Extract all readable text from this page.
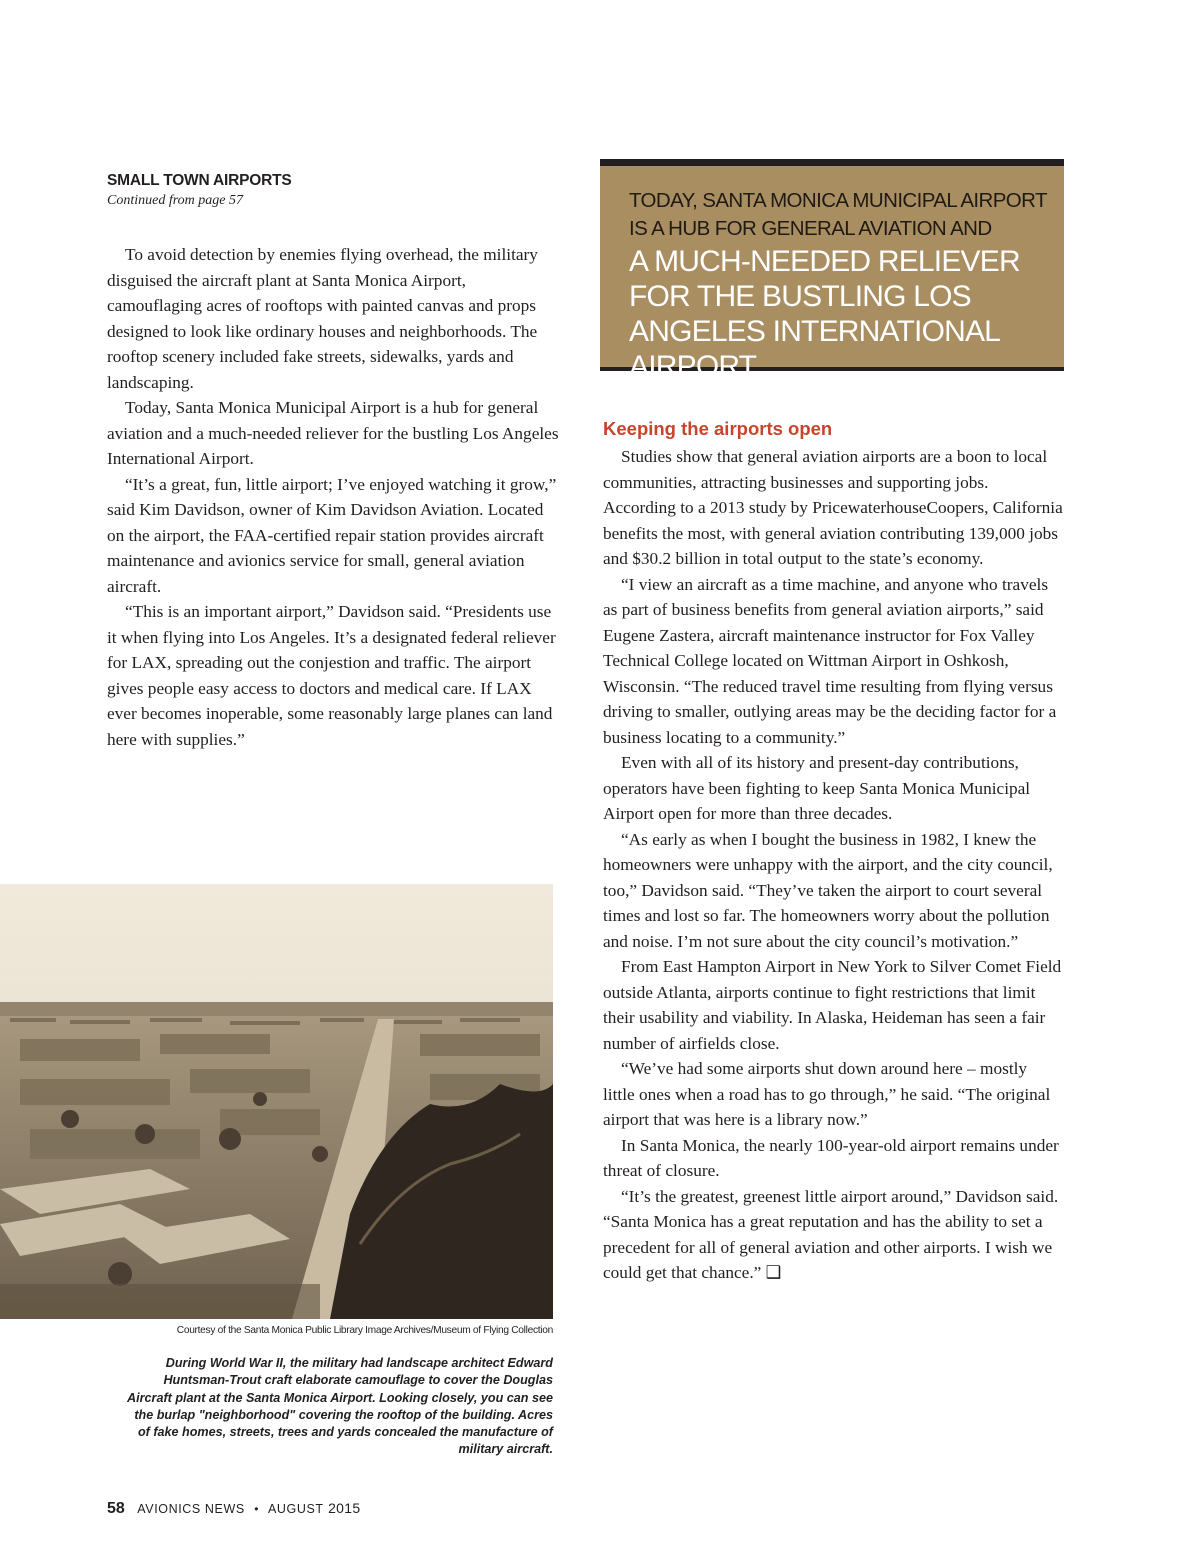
SMALL TOWN AIRPORTS
Continued from page 57

To avoid detection by enemies flying overhead, the military disguised the aircraft plant at Santa Monica Airport, camouflaging acres of rooftops with painted canvas and props designed to look like ordinary houses and neighborhoods. The rooftop scenery included fake streets, sidewalks, yards and landscaping.

Today, Santa Monica Municipal Airport is a hub for general aviation and a much-needed reliever for the bustling Los Angeles International Airport.

“It’s a great, fun, little airport; I’ve enjoyed watching it grow,” said Kim Davidson, owner of Kim Davidson Aviation. Located on the airport, the FAA-certified repair station provides aircraft maintenance and avionics service for small, general aviation aircraft.

“This is an important airport,” Davidson said. “Presidents use it when flying into Los Angeles. It’s a designated federal reliever for LAX, spreading out the conjestion and traffic. The airport gives people easy access to doctors and medical care. If LAX ever becomes inoperable, some reasonably large planes can land here with supplies.”

TODAY, SANTA MONICA MUNICIPAL AIRPORT IS A HUB FOR GENERAL AVIATION AND
A MUCH-NEEDED RELIEVER FOR THE BUSTLING LOS ANGELES INTERNATIONAL AIRPORT.
Keeping the airports open

Studies show that general aviation airports are a boon to local communities, attracting businesses and supporting jobs. According to a 2013 study by PricewaterhouseCoopers, California benefits the most, with general aviation contributing 139,000 jobs and $30.2 billion in total output to the state’s economy.

“I view an aircraft as a time machine, and anyone who travels as part of business benefits from general aviation airports,” said Eugene Zastera, aircraft maintenance instructor for Fox Valley Technical College located on Wittman Airport in Oshkosh, Wisconsin. “The reduced travel time resulting from flying versus driving to smaller, outlying areas may be the deciding factor for a business locating to a community.”

Even with all of its history and present-day contributions, operators have been fighting to keep Santa Monica Municipal Airport open for more than three decades.

“As early as when I bought the business in 1982, I knew the homeowners were unhappy with the airport, and the city council, too,” Davidson said. “They’ve taken the airport to court several times and lost so far. The homeowners worry about the pollution and noise. I’m not sure about the city council’s motivation.”

From East Hampton Airport in New York to Silver Comet Field outside Atlanta, airports continue to fight restrictions that limit their usability and viability. In Alaska, Heideman has seen a fair number of airfields close.

“We’ve had some airports shut down around here – mostly little ones when a road has to go through,” he said. “The original airport that was here is a library now.”

In Santa Monica, the nearly 100-year-old airport remains under threat of closure.

“It’s the greatest, greenest little airport around,” Davidson said. “Santa Monica has a great reputation and has the ability to set a precedent for all of general aviation and other airports. I wish we could get that chance.” ❑

Courtesy of the Santa Monica Public Library Image Archives/Museum of Flying Collection

During World War II, the military had landscape architect Edward Huntsman-Trout craft elaborate camouflage to cover the Douglas Aircraft plant at the Santa Monica Airport. Looking closely, you can see the burlap "neighborhood" covering the rooftop of the building. Acres of fake homes, streets, trees and yards concealed the manufacture of military aircraft.

58 AVIONICS NEWS • AUGUST 2015
